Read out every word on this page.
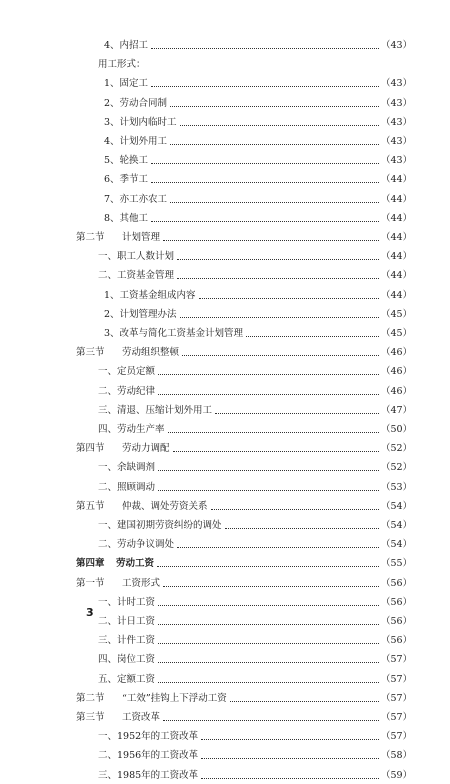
4、内招工	（43）
用工形式：
1、固定工	（43）
2、劳动合同制	（43）
3、计划内临时工	（43）
4、计划外用工	（43）
5、轮换工	（43）
6、季节工	（44）
7、亦工亦农工	（44）
8、其他工	（44）
第二节 计划管理	（44）
一、职工人数计划	（44）
二、工资基金管理	（44）
1、工资基金组成内容	（44）
2、计划管理办法	（45）
3、改革与简化工资基金计划管理	（45）
第三节 劳动组织整顿	（46）
一、定员定额	（46）
二、劳动纪律	（46）
三、清退、压缩计划外用工	（47）
四、劳动生产率	（50）
第四节 劳动力调配	（52）
一、余缺调剂	（52）
二、照顾调动	（53）
第五节 仲裁、调处劳资关系	（54）
一、建国初期劳资纠纷的调处	（54）
二、劳动争议调处	（54）
第四章 劳动工资	（55）
第一节 工资形式	（56）
一、计时工资	（56）
二、计日工资	（56）
三、计件工资	（56）
四、岗位工资	（57）
五、定额工资	（57）
第二节 “工效”挂钩上下浮动工资	（57）
第三节 工资改革	（57）
一、1952年的工资改革	（57）
二、1956年的工资改革	（58）
三、1985年的工资改革	（59）
3
